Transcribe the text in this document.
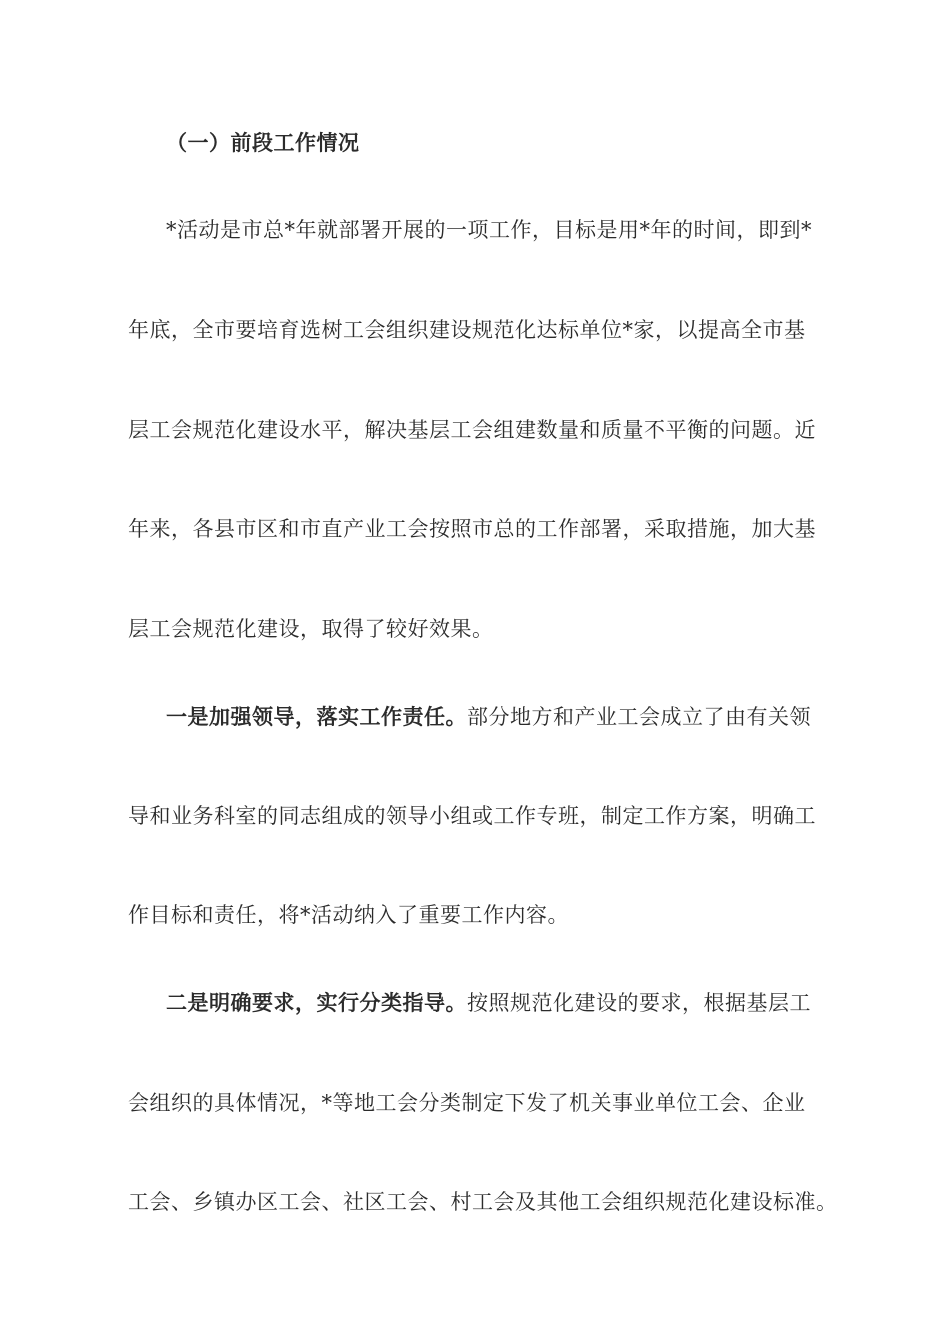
（一）前段工作情况
*活动是市总*年就部署开展的一项工作，目标是用*年的时间，即到*
年底，全市要培育选树工会组织建设规范化达标单位*家，以提高全市基
层工会规范化建设水平，解决基层工会组建数量和质量不平衡的问题。近
年来，各县市区和市直产业工会按照市总的工作部署，采取措施，加大基
层工会规范化建设，取得了较好效果。
一是加强领导，落实工作责任。部分地方和产业工会成立了由有关领
导和业务科室的同志组成的领导小组或工作专班，制定工作方案，明确工
作目标和责任，将*活动纳入了重要工作内容。
二是明确要求，实行分类指导。按照规范化建设的要求，根据基层工
会组织的具体情况，*等地工会分类制定下发了机关事业单位工会、企业
工会、乡镇办区工会、社区工会、村工会及其他工会组织规范化建设标准。
